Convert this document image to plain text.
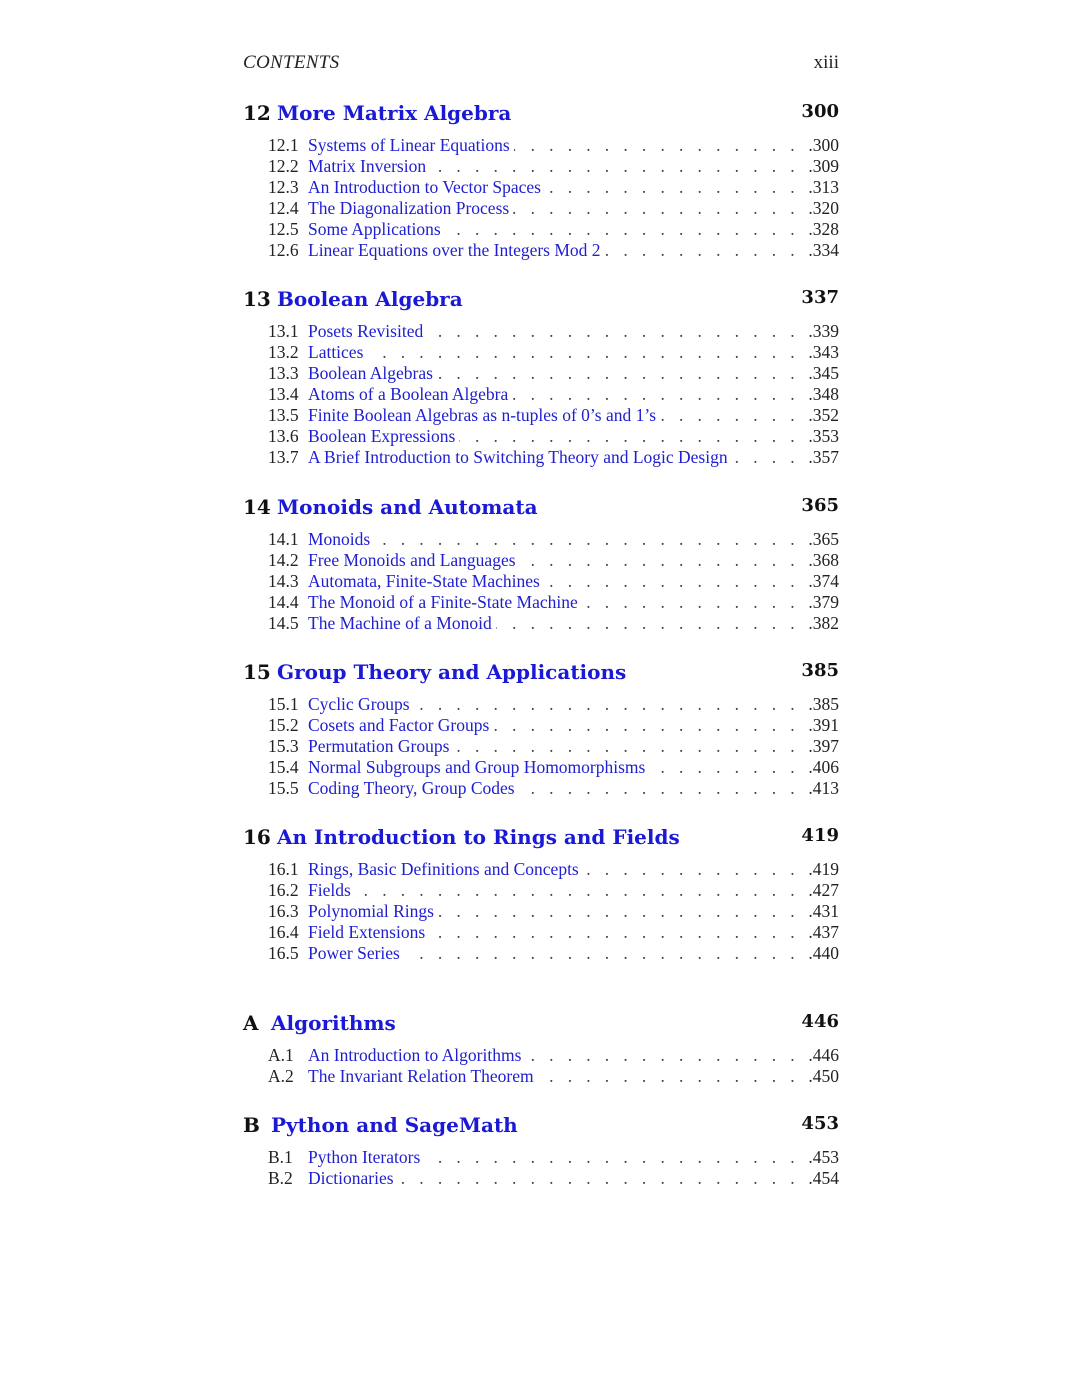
CONTENTS	xiii
12 More Matrix Algebra	300
12.1 . . . Systems of Linear Equations	. 300
12.2 . . . Matrix Inversion	. 309
12.3 . . . An Introduction to Vector Spaces	. 313
12.4 . . . The Diagonalization Process	. 320
12.5 . . . Some Applications	. 328
12.6 . . . Linear Equations over the Integers Mod 2	. 334
13 Boolean Algebra	337
13.1 . . . Posets Revisited	. 339
13.2 . . . Lattices	. 343
13.3 . . . Boolean Algebras	. 345
13.4 . . . Atoms of a Boolean Algebra	. 348
13.5 . . . Finite Boolean Algebras as n-tuples of 0’s and 1’s	. 352
13.6 . . . Boolean Expressions	. 353
13.7 . . . A Brief Introduction to Switching Theory and Logic Design	. 357
14 Monoids and Automata	365
14.1 . . . Monoids	. 365
14.2 . . . Free Monoids and Languages	. 368
14.3 . . . Automata, Finite-State Machines	. 374
14.4 . . . The Monoid of a Finite-State Machine	. 379
14.5 . . . The Machine of a Monoid	. 382
15 Group Theory and Applications	385
15.1 . . . Cyclic Groups	. 385
15.2 . . . Cosets and Factor Groups	. 391
15.3 . . . Permutation Groups	. 397
15.4 . . . Normal Subgroups and Group Homomorphisms	. 406
15.5 . . . Coding Theory, Group Codes	. 413
16 An Introduction to Rings and Fields	419
16.1 . . . Rings, Basic Definitions and Concepts	. 419
16.2 . . . Fields	. 427
16.3 . . . Polynomial Rings	. 431
16.4 . . . Field Extensions	. 437
16.5 . . . Power Series	. 440
A Algorithms	446
A.1 . . . An Introduction to Algorithms	. 446
A.2 . . . The Invariant Relation Theorem	. 450
B Python and SageMath	453
B.1 . . . Python Iterators	. 453
B.2 . . . Dictionaries	. 454
